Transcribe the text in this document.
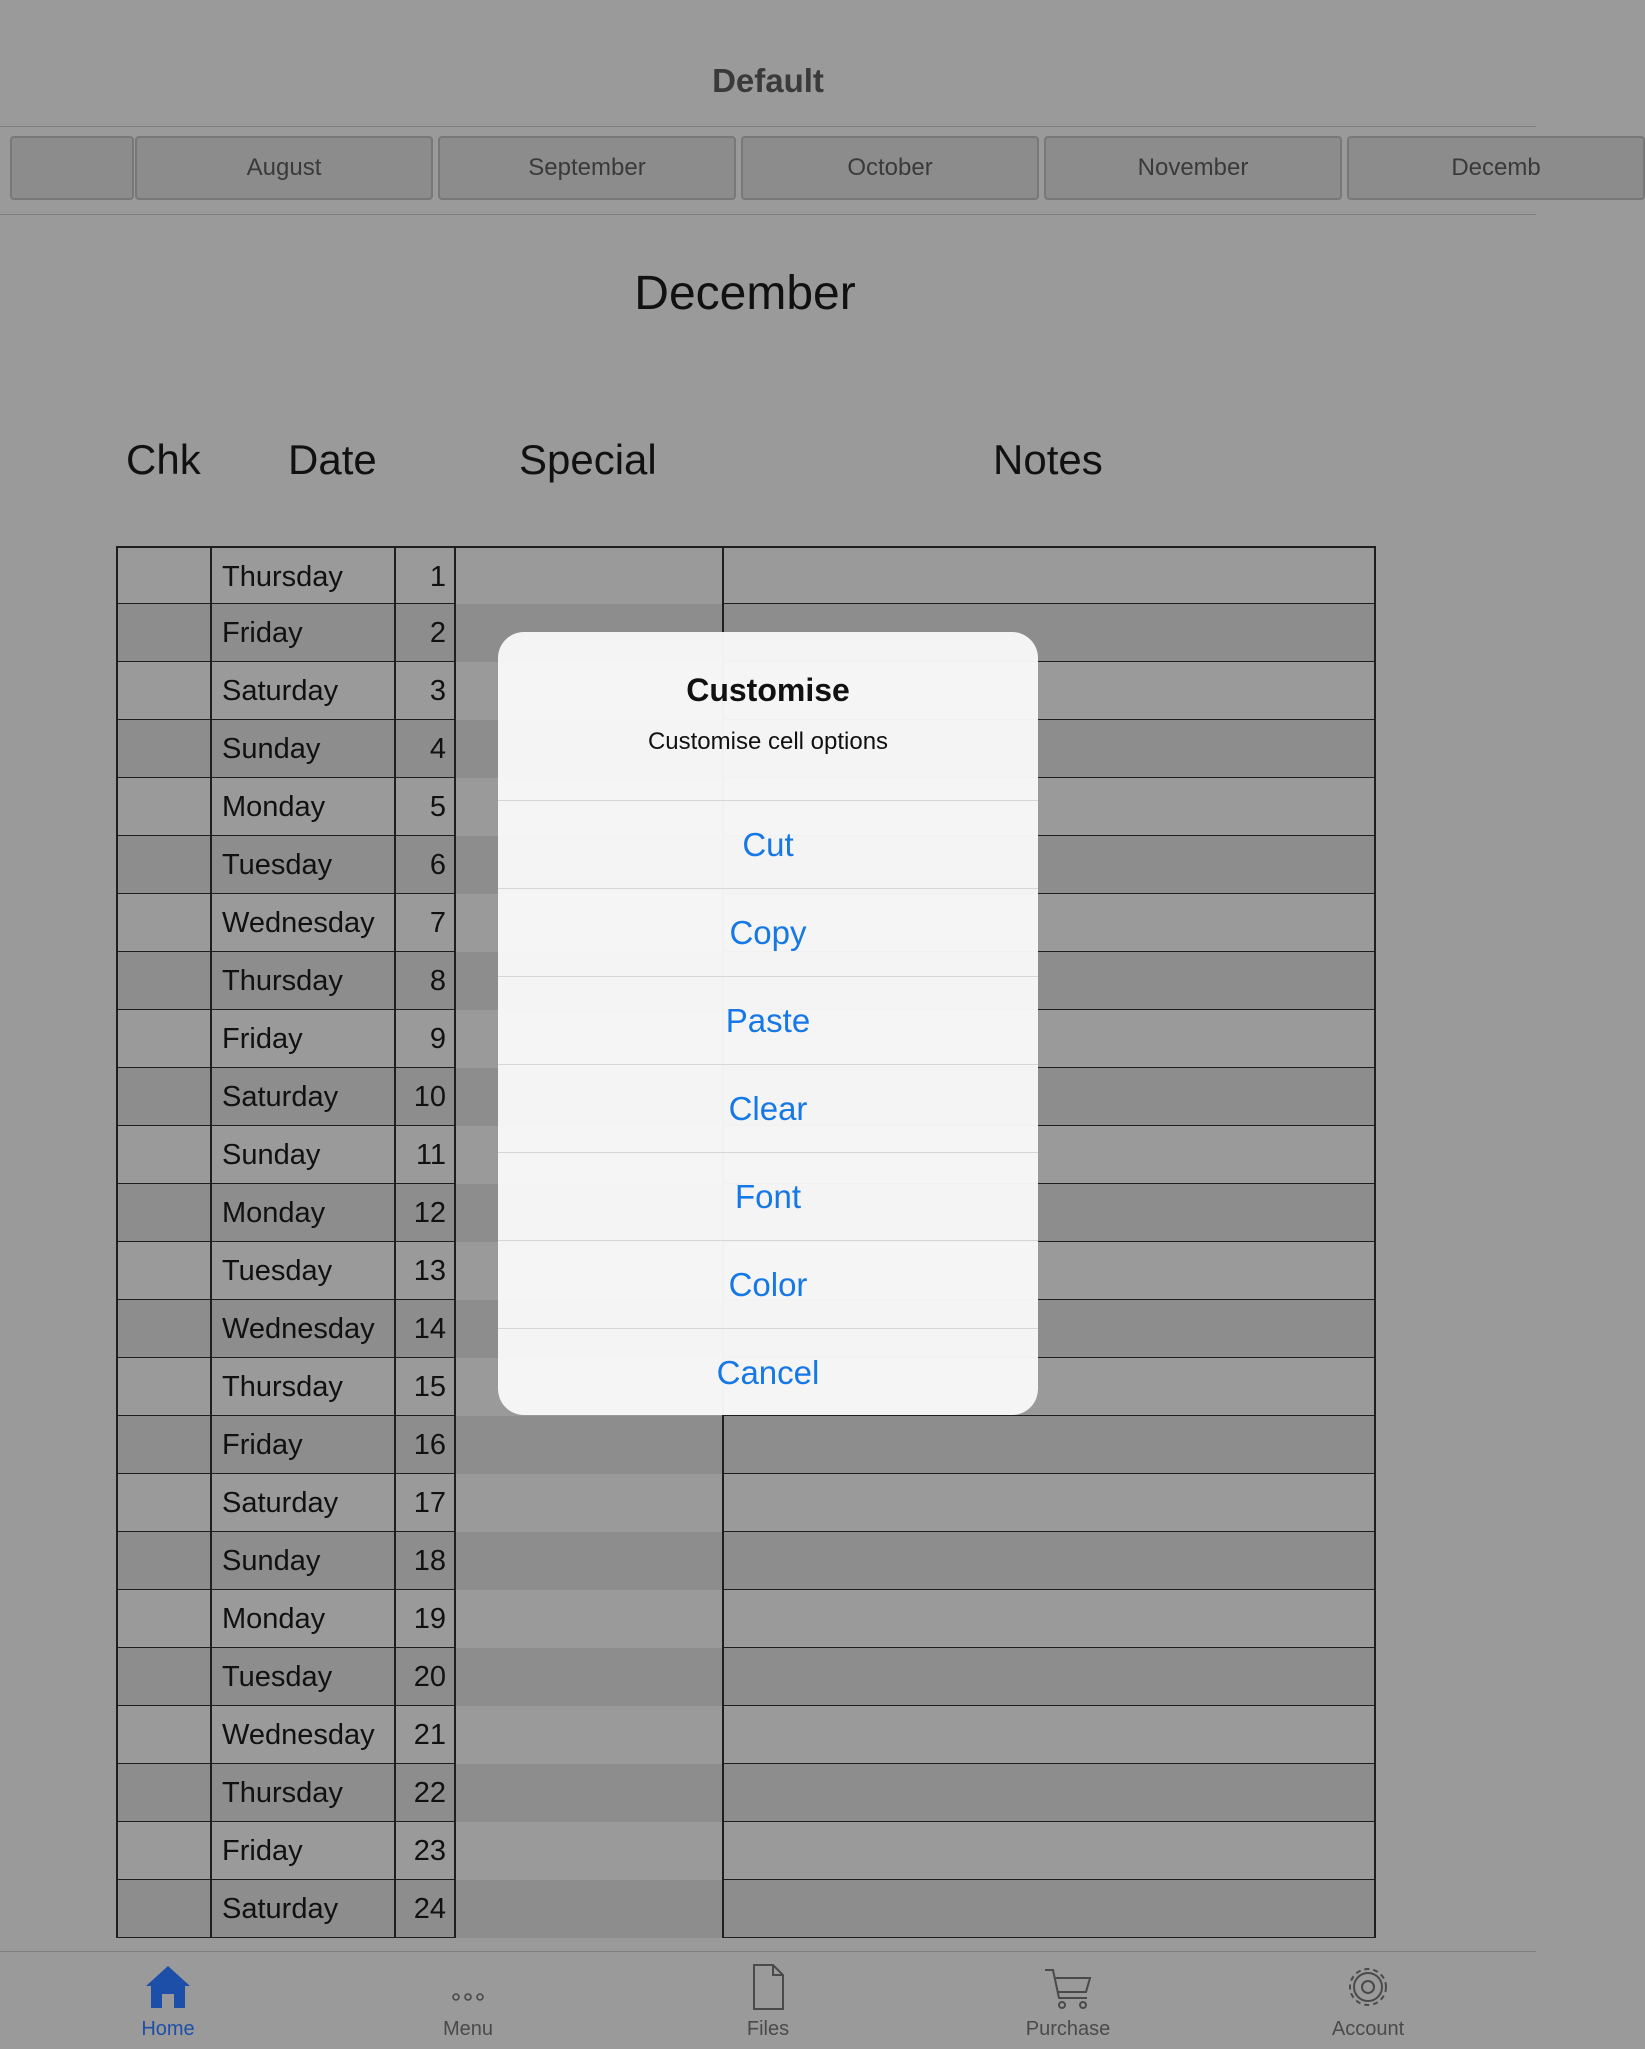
Default
August	September	October	November	Decemb
December
Chk Date	Special	Notes
Thursday	1
Friday	2
Saturday	3
Sunday	4
Monday	5
Tuesday	6
Wednesday	7
Thursday	8
Friday	9
Saturday	10
Sunday	11
Monday	12
Tuesday	13
Wednesday	14
Thursday	15
Friday	16
Saturday	17
Sunday	18
Monday	19
Tuesday	20
Wednesday	21
Thursday	22
Friday	23
Saturday	24
Home	Menu	Files	Purchase	Account
Customise
Customise cell options
Cut
Copy
Paste
Clear
Font
Color
Cancel
